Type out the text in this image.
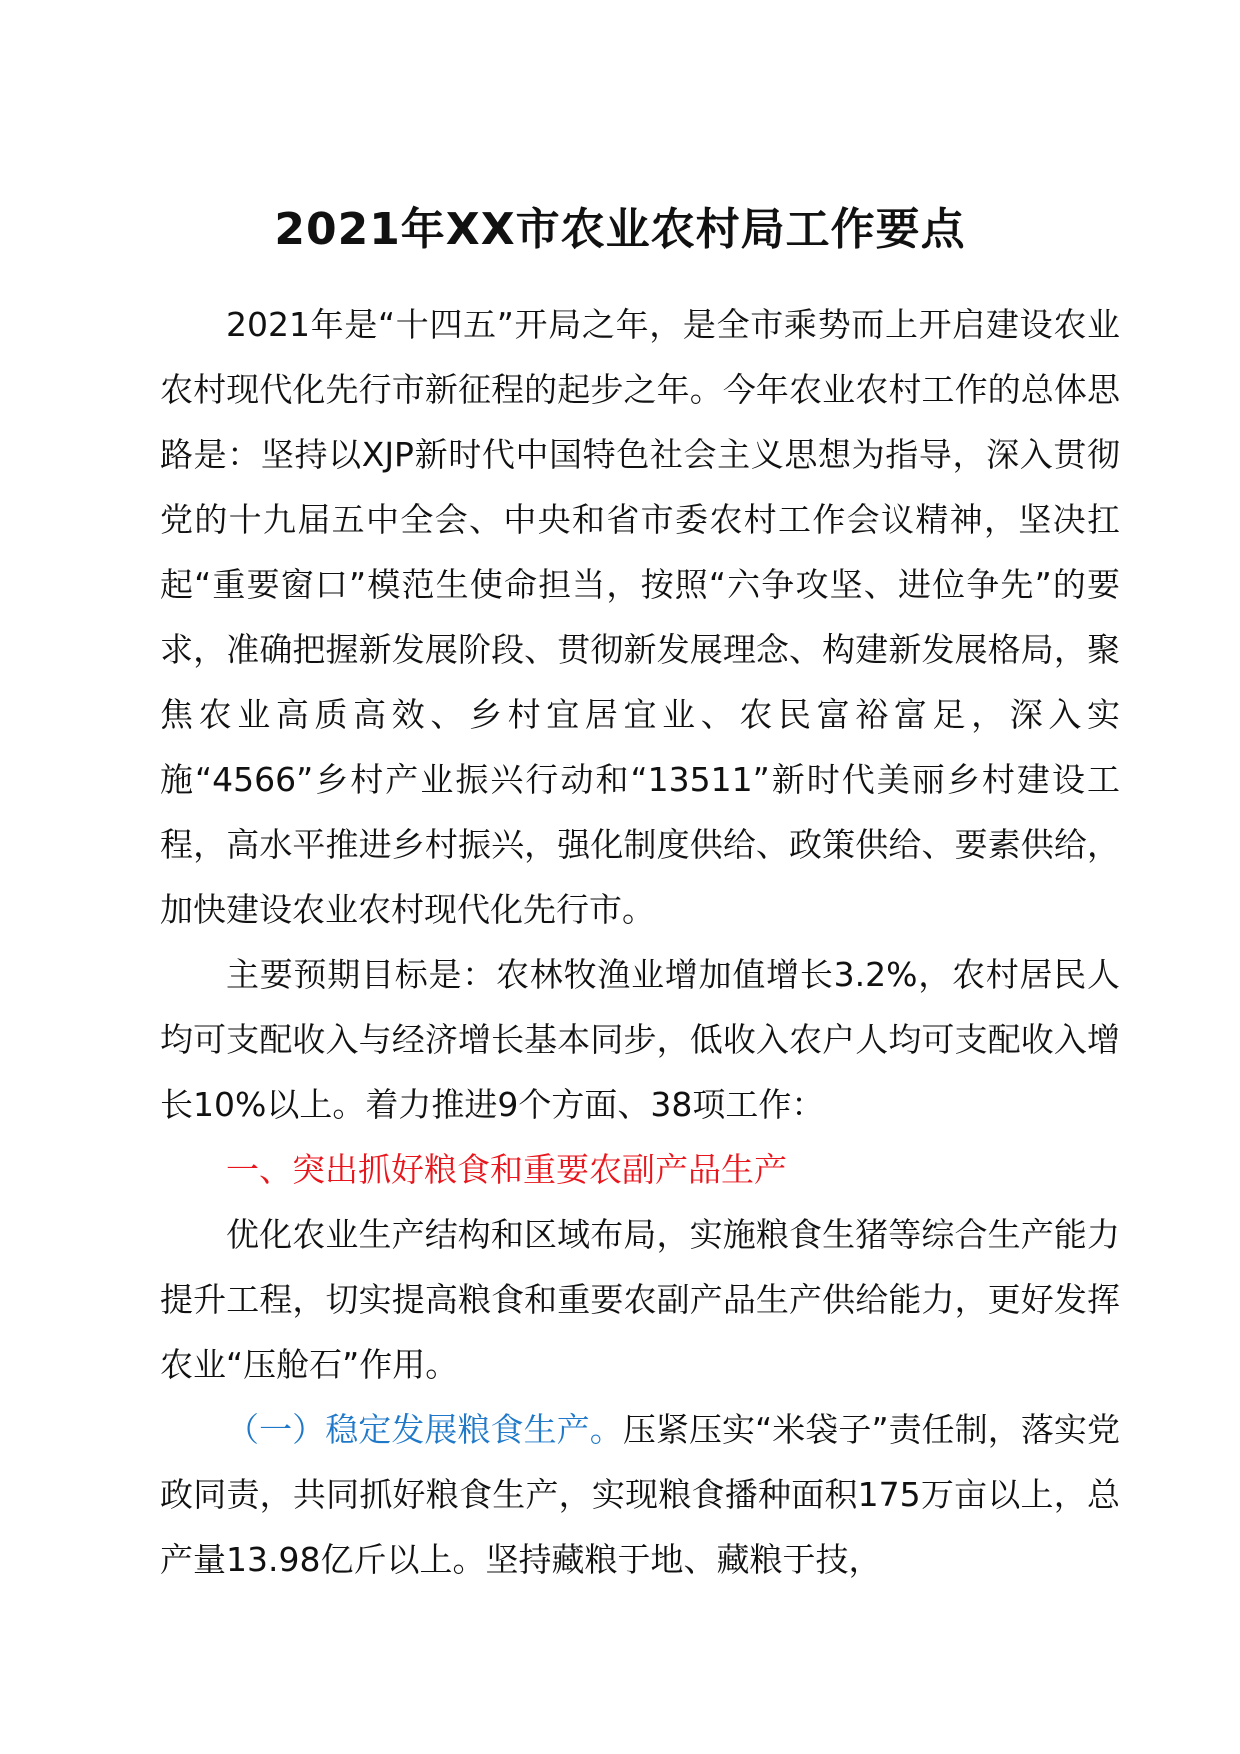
2021年XX市农业农村局工作要点

2021年是“十四五”开局之年，是全市乘势而上开启建设农业农村现代化先行市新征程的起步之年。今年农业农村工作的总体思路是：坚持以XJP新时代中国特色社会主义思想为指导，深入贯彻党的十九届五中全会、中央和省市委农村工作会议精神，坚决扛起“重要窗口”模范生使命担当，按照“六争攻坚、进位争先”的要求，准确把握新发展阶段、贯彻新发展理念、构建新发展格局，聚焦农业高质高效、乡村宜居宜业、农民富裕富足，深入实施“4566”乡村产业振兴行动和“13511”新时代美丽乡村建设工程，高水平推进乡村振兴，强化制度供给、政策供给、要素供给，加快建设农业农村现代化先行市。

主要预期目标是：农林牧渔业增加值增长3.2%，农村居民人均可支配收入与经济增长基本同步，低收入农户人均可支配收入增长10%以上。着力推进9个方面、38项工作：

一、突出抓好粮食和重要农副产品生产

优化农业生产结构和区域布局，实施粮食生猪等综合生产能力提升工程，切实提高粮食和重要农副产品生产供给能力，更好发挥农业“压舱石”作用。

（一）稳定发展粮食生产。压紧压实“米袋子”责任制，落实党政同责，共同抓好粮食生产，实现粮食播种面积175万亩以上，总产量13.98亿斤以上。坚持藏粮于地、藏粮于技，
